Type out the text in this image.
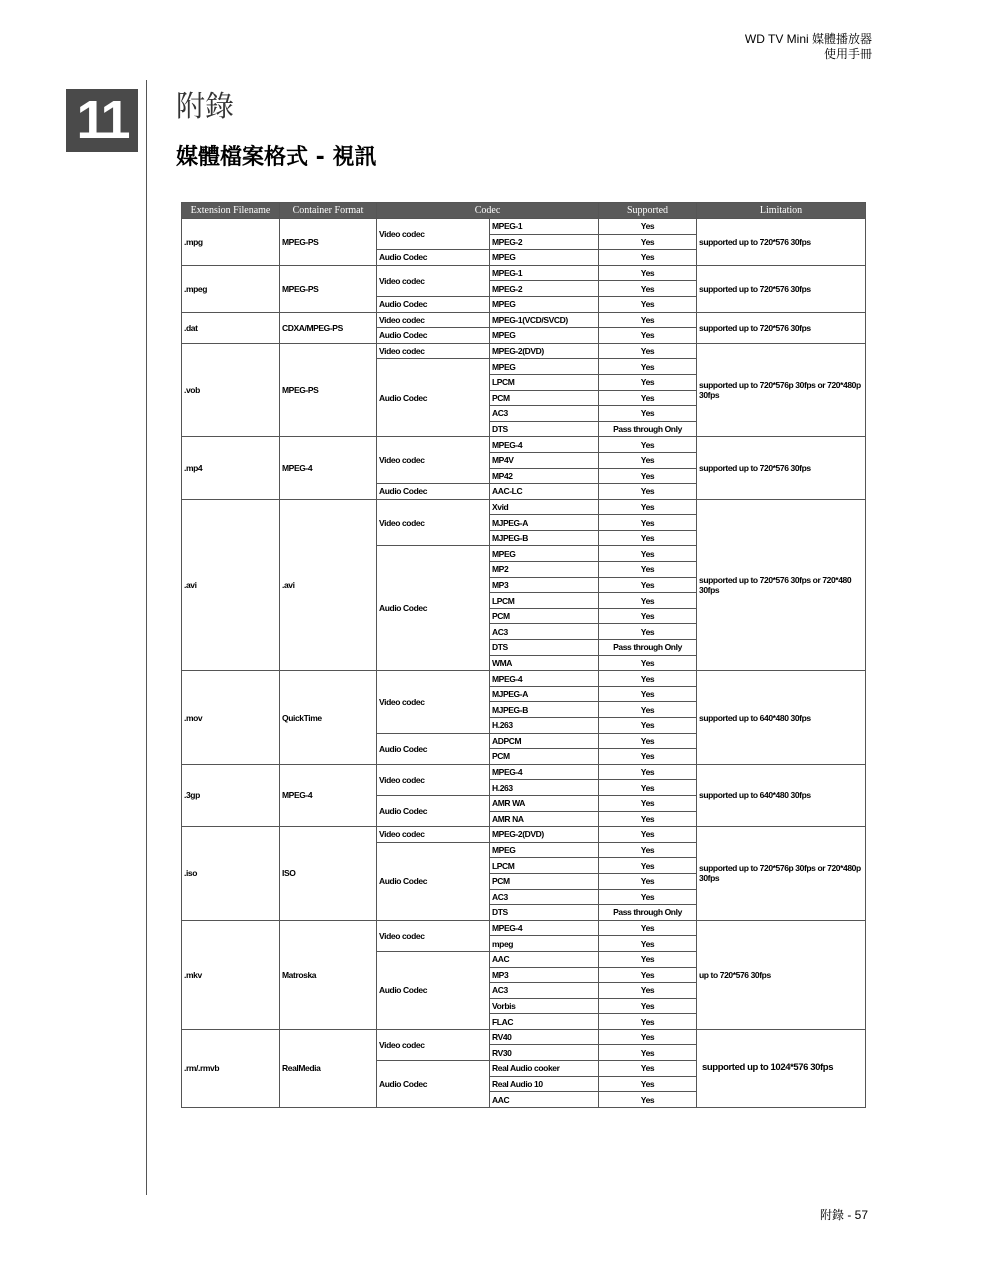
WD TV Mini 媒體播放器
使用手冊
11	附錄
媒體檔案格式 - 視訊
Extension Filename	Container Format	Codec		Supported	Limitation
.mpg	MPEG-PS	Video codec	MPEG-1	Yes	supported up to 720*576 30fps
			MPEG-2	Yes	
		Audio Codec	MPEG	Yes	
.mpeg	MPEG-PS	Video codec	MPEG-1	Yes	supported up to 720*576 30fps
			MPEG-2	Yes	
		Audio Codec	MPEG	Yes	
.dat	CDXA/MPEG-PS	Video codec	MPEG-1(VCD/SVCD)	Yes	supported up to 720*576 30fps
		Audio Codec	MPEG	Yes	
.vob	MPEG-PS	Video codec	MPEG-2(DVD)	Yes	supported up to 720*576p 30fps or 720*480p 30fps
		Audio Codec	MPEG	Yes	
			LPCM	Yes	
			PCM	Yes	
			AC3	Yes	
			DTS	Pass through Only	
.mp4	MPEG-4	Video codec	MPEG-4	Yes	supported up to 720*576 30fps
			MP4V	Yes	
			MP42	Yes	
		Audio Codec	AAC-LC	Yes	
.avi	.avi	Video codec	Xvid	Yes	supported up to 720*576 30fps or 720*480 30fps
			MJPEG-A	Yes	
			MJPEG-B	Yes	
		Audio Codec	MPEG	Yes	
			MP2	Yes	
			MP3	Yes	
			LPCM	Yes	
			PCM	Yes	
			AC3	Yes	
			DTS	Pass through Only	
			WMA	Yes	
.mov	QuickTime	Video codec	MPEG-4	Yes	supported up to 640*480 30fps
			MJPEG-A	Yes	
			MJPEG-B	Yes	
			H.263	Yes	
		Audio Codec	ADPCM	Yes	
			PCM	Yes	
.3gp	MPEG-4	Video codec	MPEG-4	Yes	supported up to 640*480 30fps
			H.263	Yes	
		Audio Codec	AMR WA	Yes	
			AMR NA	Yes	
.iso	ISO	Video codec	MPEG-2(DVD)	Yes	supported up to 720*576p 30fps or 720*480p 30fps
		Audio Codec	MPEG	Yes	
			LPCM	Yes	
			PCM	Yes	
			AC3	Yes	
			DTS	Pass through Only	
.mkv	Matroska	Video codec	MPEG-4	Yes	up to 720*576 30fps
			mpeg	Yes	
		Audio Codec	AAC	Yes	
			MP3	Yes	
			AC3	Yes	
			Vorbis	Yes	
			FLAC	Yes	
.rm/.rmvb	RealMedia	Video codec	RV40	Yes	supported up to 1024*576 30fps
			RV30	Yes	
		Audio Codec	Real Audio cooker	Yes	
			Real Audio 10	Yes	
			AAC	Yes	
附錄 - 57
